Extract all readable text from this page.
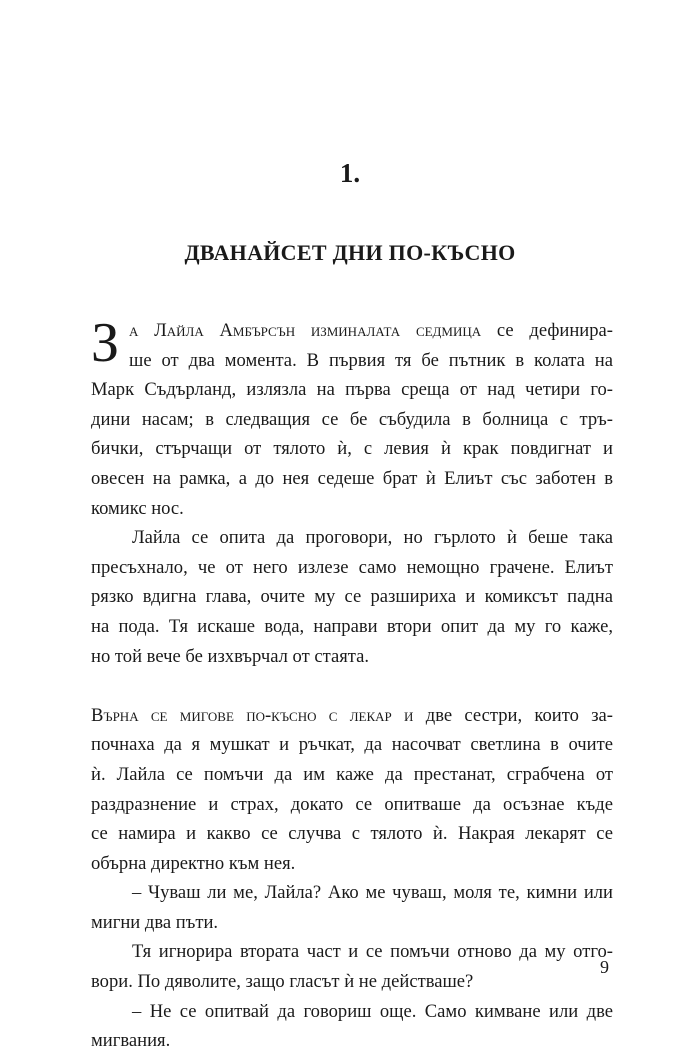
1.
ДВАНАЙСЕТ ДНИ ПО-КЪСНО
З а Лайла Амбърсън изминалата седмица се дефинира-
ше от два момента. В първия тя бе пътник в колата на
Марк Съдърланд, излязла на първа среща от над четири го-
дини насам; в следващия се бе събудила в болница с тръ-
бички, стърчащи от тялото ѝ, с левия ѝ крак повдигнат и
овесен на рамка, а до нея седеше брат ѝ Елиът със заботен в
комикс нос.
Лайла се опита да проговори, но гърлото ѝ беше така
пресъхнало, че от него излезе само немощно грачене. Елиът
рязко вдигна глава, очите му се разшириха и комиксът падна
на пода. Тя искаше вода, направи втори опит да му го каже,
но той вече бе изхвърчал от стаята.
Върна се мигове по-късно с лекар и две сестри, които за-
почнаха да я мушкат и ръчкат, да насочват светлина в очите
ѝ. Лайла се помъчи да им каже да престанат, сграбчена от
раздразнение и страх, докато се опитваше да осъзнае къде
се намира и какво се случва с тялото ѝ. Накрая лекарят се
обърна директно към нея.
– Чуваш ли ме, Лайла? Ако ме чуваш, моля те, кимни или
мигни два пъти.
Тя игнорира втората част и се помъчи отново да му отго-
вори. По дяволите, защо гласът ѝ не действаше?
– Не се опитвай да говориш още. Само кимване или две
мигвания.
9
